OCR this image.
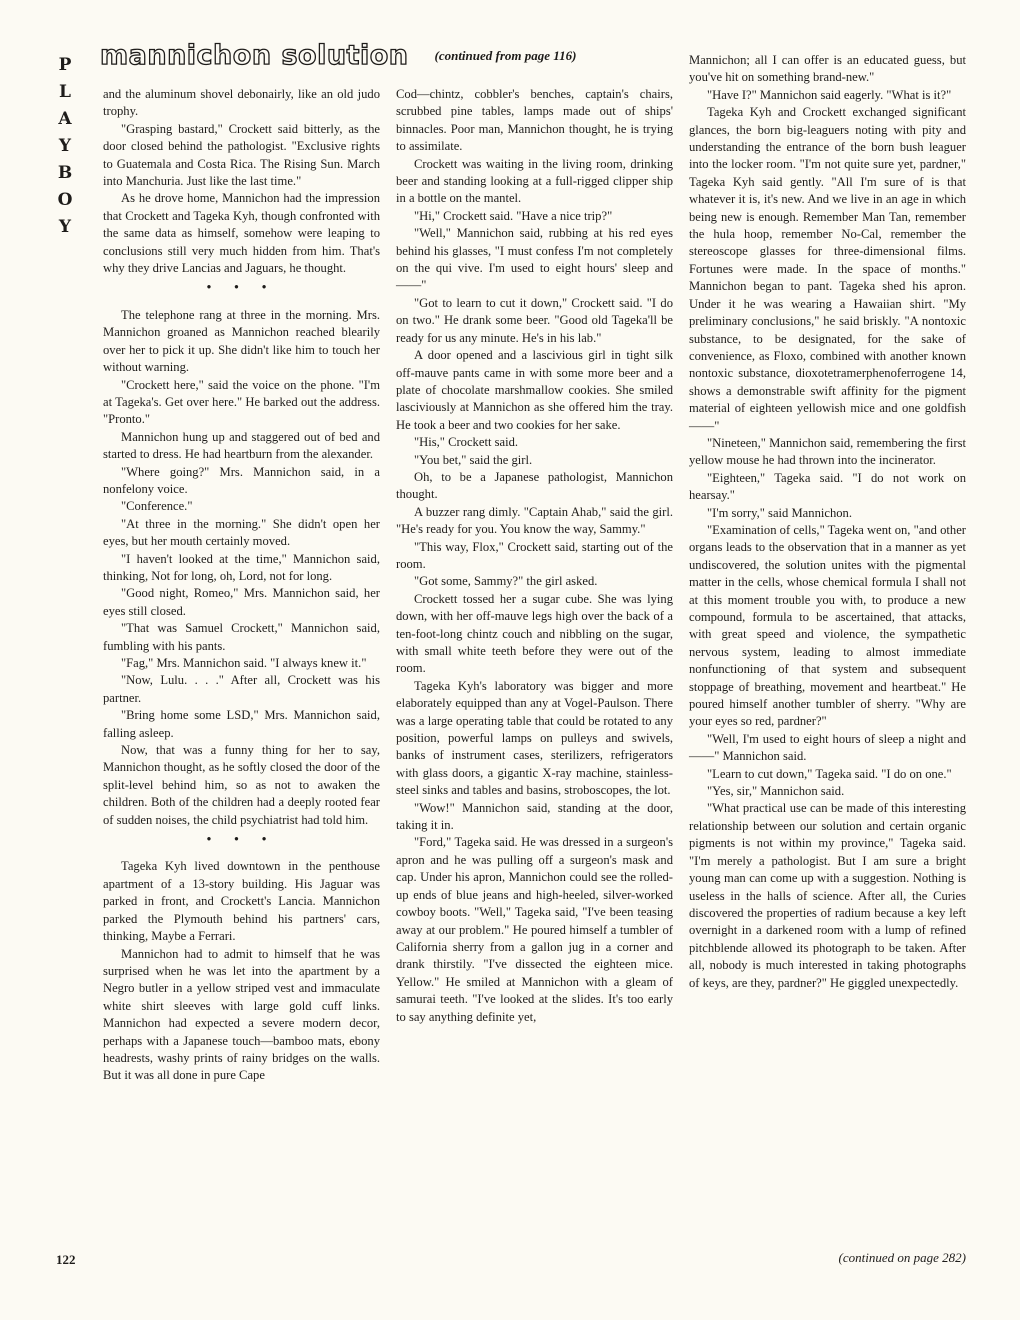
P
L
A
Y
B
O
Y
mannichon solution (continued from page 116)

and the aluminum shovel debonairly, like an old judo trophy.

"Grasping bastard," Crockett said bitterly, as the door closed behind the pathologist. "Exclusive rights to Guatemala and Costa Rica. The Rising Sun. March into Manchuria. Just like the last time."

As he drove home, Mannichon had the impression that Crockett and Tageka Kyh, though confronted with the same data as himself, somehow were leaping to conclusions still very much hidden from him. That's why they drive Lancias and Jaguars, he thought.

• • •

The telephone rang at three in the morning. Mrs. Mannichon groaned as Mannichon reached blearily over her to pick it up. She didn't like him to touch her without warning.

"Crockett here," said the voice on the phone. "I'm at Tageka's. Get over here." He barked out the address. "Pronto."

Mannichon hung up and staggered out of bed and started to dress. He had heartburn from the alexander.

"Where going?" Mrs. Mannichon said, in a nonfelony voice.

"Conference."

"At three in the morning." She didn't open her eyes, but her mouth certainly moved.

"I haven't looked at the time," Mannichon said, thinking, Not for long, oh, Lord, not for long.

"Good night, Romeo," Mrs. Mannichon said, her eyes still closed.

"That was Samuel Crockett," Mannichon said, fumbling with his pants.

"Fag," Mrs. Mannichon said. "I always knew it."

"Now, Lulu. . . ." After all, Crockett was his partner.

"Bring home some LSD," Mrs. Mannichon said, falling asleep.

Now, that was a funny thing for her to say, Mannichon thought, as he softly closed the door of the split-level behind him, so as not to awaken the children. Both of the children had a deeply rooted fear of sudden noises, the child psychiatrist had told him.

• • •

Tageka Kyh lived downtown in the penthouse apartment of a 13-story building. His Jaguar was parked in front, and Crockett's Lancia. Mannichon parked the Plymouth behind his partners' cars, thinking, Maybe a Ferrari.

Mannichon had to admit to himself that he was surprised when he was let into the apartment by a Negro butler in a yellow striped vest and immaculate white shirt sleeves with large gold cuff links. Mannichon had expected a severe modern decor, perhaps with a Japanese touch—bamboo mats, ebony headrests, washy prints of rainy bridges on the walls. But it was all done in pure Cape

Cod—chintz, cobbler's benches, captain's chairs, scrubbed pine tables, lamps made out of ships' binnacles. Poor man, Mannichon thought, he is trying to assimilate.

Crockett was waiting in the living room, drinking beer and standing looking at a full-rigged clipper ship in a bottle on the mantel.

"Hi," Crockett said. "Have a nice trip?"

"Well," Mannichon said, rubbing at his red eyes behind his glasses, "I must confess I'm not completely on the qui vive. I'm used to eight hours' sleep and——"

"Got to learn to cut it down," Crockett said. "I do on two." He drank some beer. "Good old Tageka'll be ready for us any minute. He's in his lab."

A door opened and a lascivious girl in tight silk off-mauve pants came in with some more beer and a plate of chocolate marshmallow cookies. She smiled lasciviously at Mannichon as she offered him the tray. He took a beer and two cookies for her sake.

"His," Crockett said.

"You bet," said the girl.

Oh, to be a Japanese pathologist, Mannichon thought.

A buzzer rang dimly. "Captain Ahab," said the girl. "He's ready for you. You know the way, Sammy."

"This way, Flox," Crockett said, starting out of the room.

"Got some, Sammy?" the girl asked.

Crockett tossed her a sugar cube. She was lying down, with her off-mauve legs high over the back of a ten-foot-long chintz couch and nibbling on the sugar, with small white teeth before they were out of the room.

Tageka Kyh's laboratory was bigger and more elaborately equipped than any at Vogel-Paulson. There was a large operating table that could be rotated to any position, powerful lamps on pulleys and swivels, banks of instrument cases, sterilizers, refrigerators with glass doors, a gigantic X-ray machine, stainless-steel sinks and tables and basins, stroboscopes, the lot.

"Wow!" Mannichon said, standing at the door, taking it in.

"Ford," Tageka said. He was dressed in a surgeon's apron and he was pulling off a surgeon's mask and cap. Under his apron, Mannichon could see the rolled-up ends of blue jeans and high-heeled, silver-worked cowboy boots. "Well," Tageka said, "I've been teasing away at our problem." He poured himself a tumbler of California sherry from a gallon jug in a corner and drank thirstily. "I've dissected the eighteen mice. Yellow." He smiled at Mannichon with a gleam of samurai teeth. "I've looked at the slides. It's too early to say anything definite yet,

Mannichon; all I can offer is an educated guess, but you've hit on something brand-new."

"Have I?" Mannichon said eagerly. "What is it?"

Tageka Kyh and Crockett exchanged significant glances, the born big-leaguers noting with pity and understanding the entrance of the born bush leaguer into the locker room. "I'm not quite sure yet, pardner," Tageka Kyh said gently. "All I'm sure of is that whatever it is, it's new. And we live in an age in which being new is enough. Remember Man Tan, remember the hula hoop, remember No-Cal, remember the stereoscope glasses for three-dimensional films. Fortunes were made. In the space of months." Mannichon began to pant. Tageka shed his apron. Under it he was wearing a Hawaiian shirt. "My preliminary conclusions," he said briskly. "A nontoxic substance, to be designated, for the sake of convenience, as Floxo, combined with another known nontoxic substance, dioxotetramerphenoferrogene 14, shows a demonstrable swift affinity for the pigment material of eighteen yellowish mice and one goldfish——"

"Nineteen," Mannichon said, remembering the first yellow mouse he had thrown into the incinerator.

"Eighteen," Tageka said. "I do not work on hearsay."

"I'm sorry," said Mannichon.

"Examination of cells," Tageka went on, "and other organs leads to the observation that in a manner as yet undiscovered, the solution unites with the pigmental matter in the cells, whose chemical formula I shall not at this moment trouble you with, to produce a new compound, formula to be ascertained, that attacks, with great speed and violence, the sympathetic nervous system, leading to almost immediate nonfunctioning of that system and subsequent stoppage of breathing, movement and heartbeat." He poured himself another tumbler of sherry. "Why are your eyes so red, pardner?"

"Well, I'm used to eight hours of sleep a night and——" Mannichon said.

"Learn to cut down," Tageka said. "I do on one."

"Yes, sir," Mannichon said.

"What practical use can be made of this interesting relationship between our solution and certain organic pigments is not within my province," Tageka said. "I'm merely a pathologist. But I am sure a bright young man can come up with a suggestion. Nothing is useless in the halls of science. After all, the Curies discovered the properties of radium because a key left overnight in a darkened room with a lump of refined pitchblende allowed its photograph to be taken. After all, nobody is much interested in taking photographs of keys, are they, pardner?" He giggled unexpectedly.

122	(continued on page 282)
